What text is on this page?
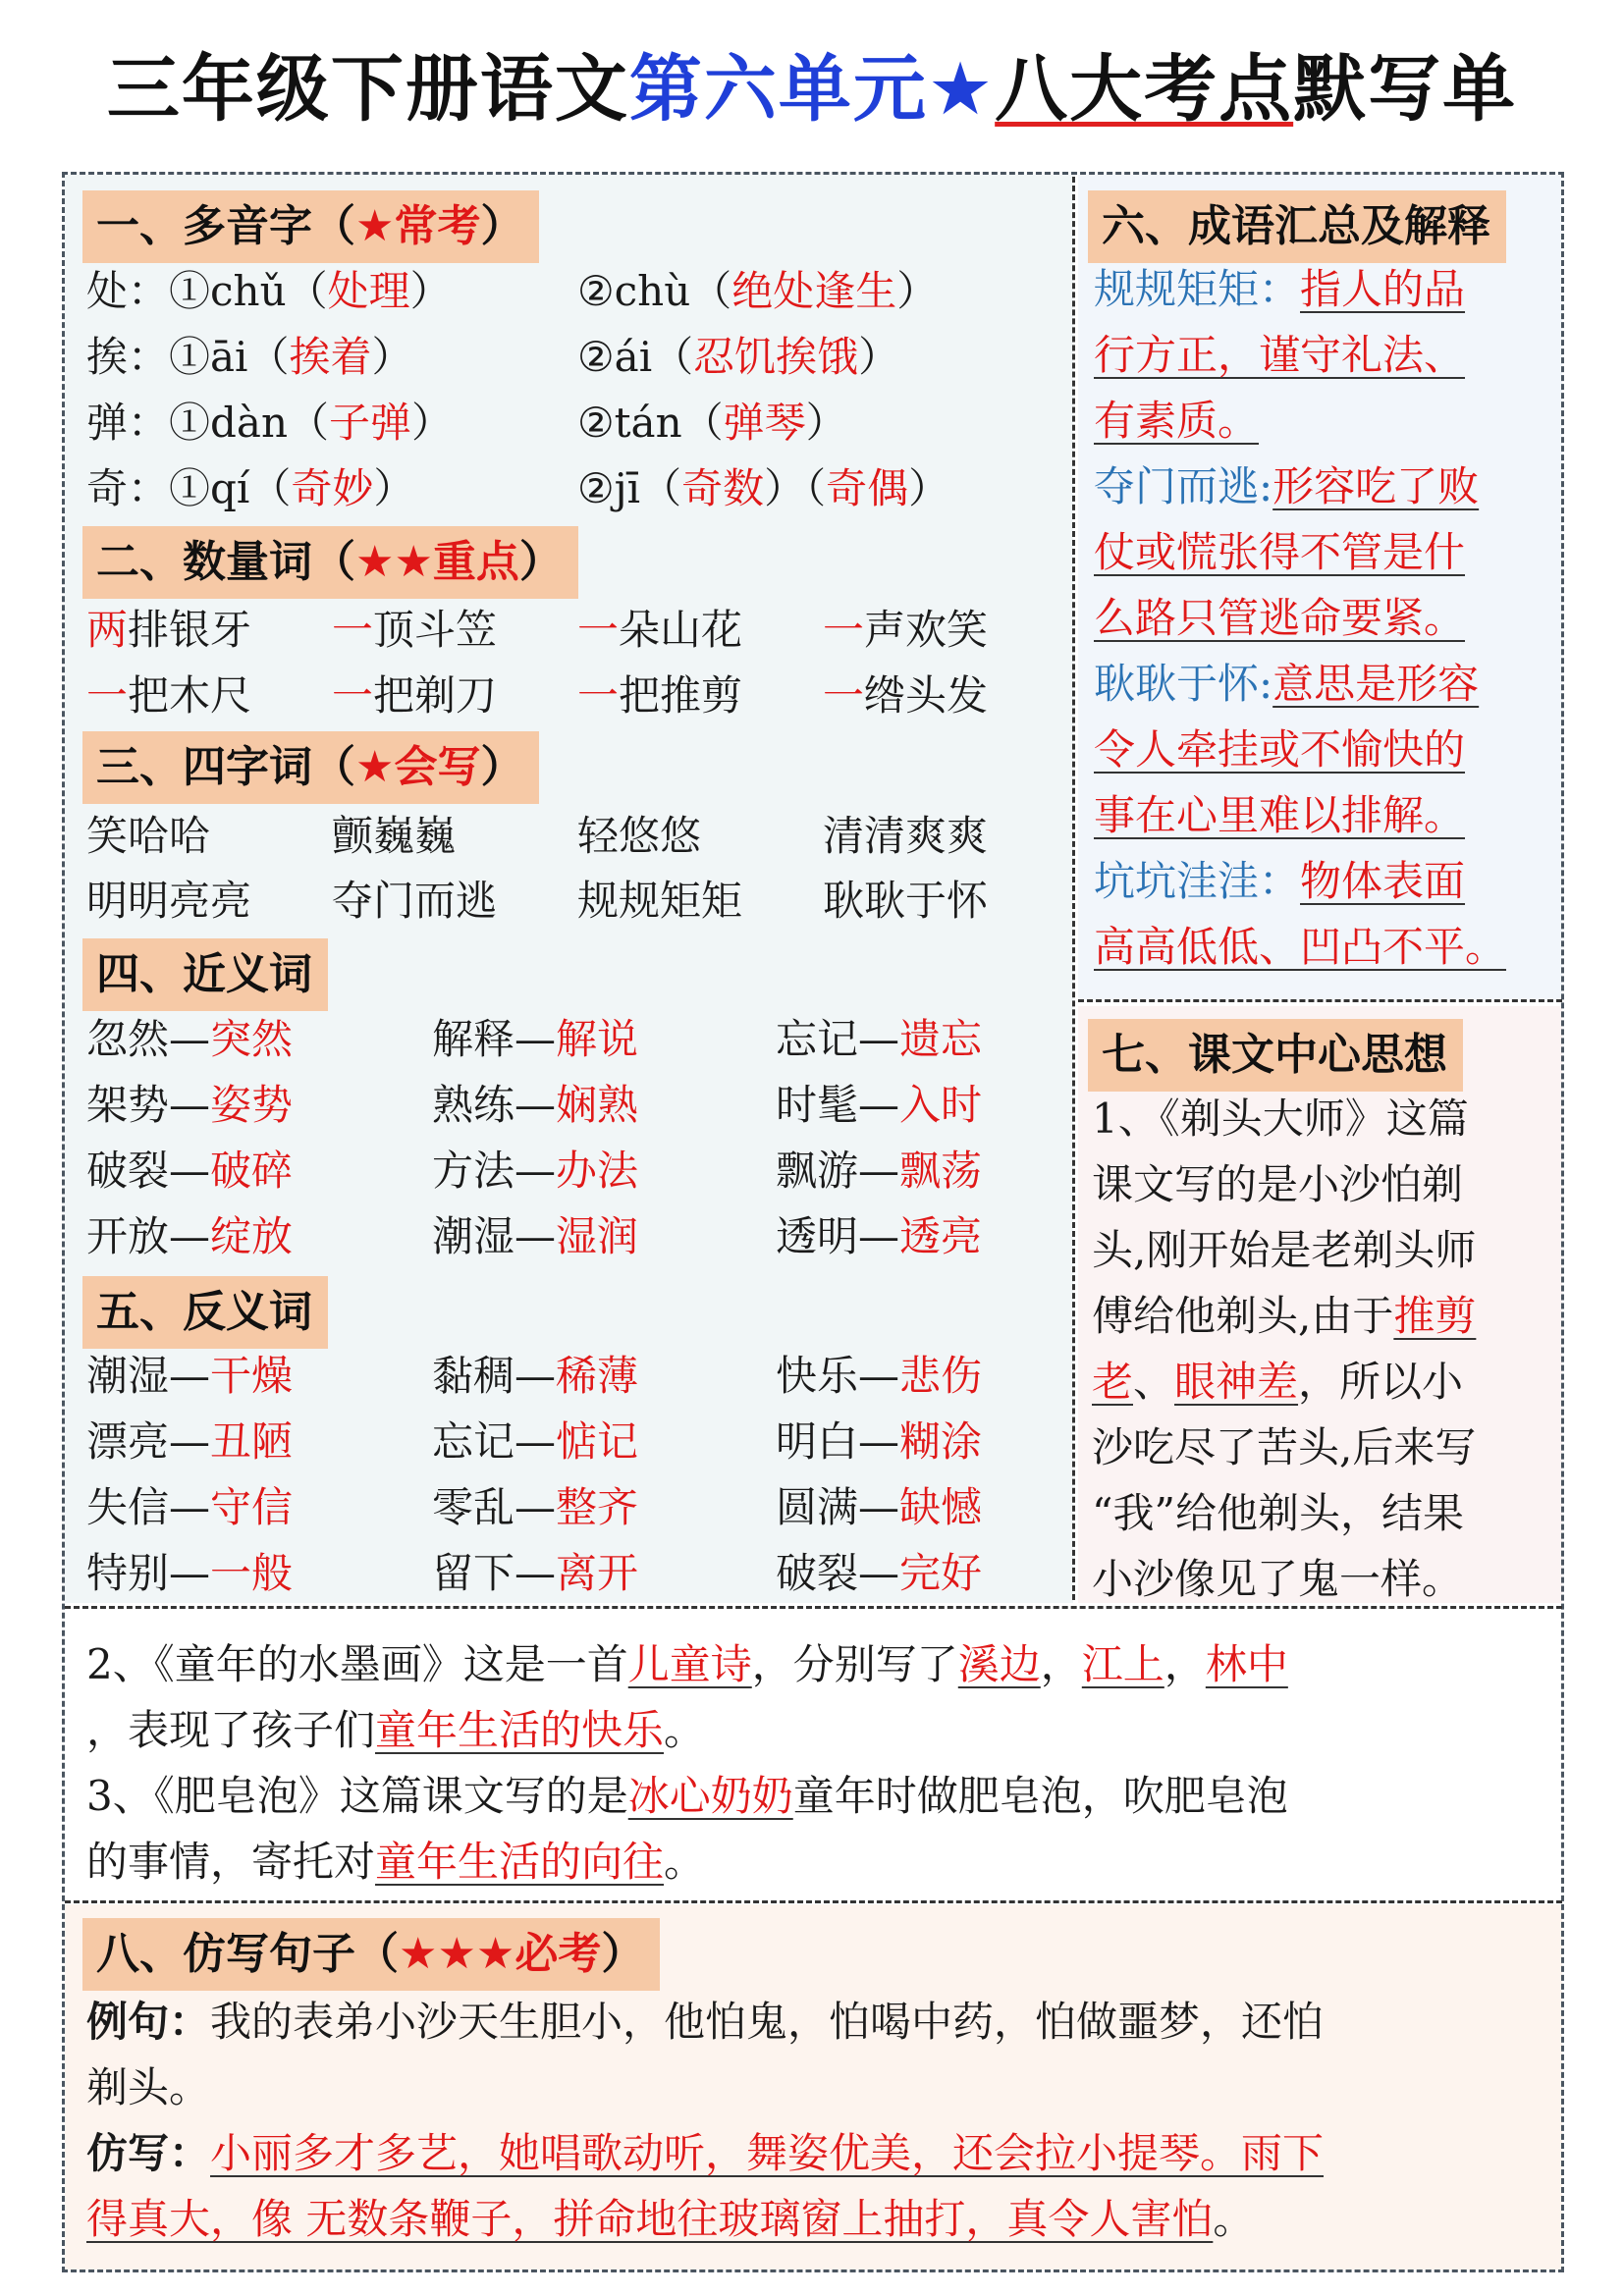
三年级下册语文第六单元★八大考点默写单
一、多音字（★常考）
处：①chǔ（处理）	②chù（绝处逢生）
挨：①āi（挨着）	②ái（忍饥挨饿）
弹：①dàn（子弹）	②tán（弹琴）
奇：①qí（奇妙）	②jī（奇数）（奇偶）
二、数量词（★★重点）
两排银牙 一顶斗笠 一朵山花 一声欢笑
一把木尺 一把剃刀 一把推剪 一绺头发
三、四字词（★会写）
笑哈哈	颤巍巍	轻悠悠	清清爽爽
明明亮亮 夺门而逃 规规矩矩 耿耿于怀
四、近义词
忽然—突然	解释—解说	忘记—遗忘
架势—姿势	熟练—娴熟	时髦—入时
破裂—破碎	方法—办法	飘游—飘荡
开放—绽放	潮湿—湿润	透明—透亮
五、反义词
潮湿—干燥	黏稠—稀薄	快乐—悲伤
漂亮—丑陋	忘记—惦记	明白—糊涂
失信—守信	零乱—整齐	圆满—缺憾
特别—一般	留下—离开	破裂—完好
六、成语汇总及解释
规规矩矩：指人的品
行方正，谨守礼法、
有素质。
夺门而逃:形容吃了败
仗或慌张得不管是什
么路只管逃命要紧。
耿耿于怀:意思是形容
令人牵挂或不愉快的
事在心里难以排解。
坑坑洼洼：物体表面
高高低低、凹凸不平。
七、课文中心思想
1、《剃头大师》这篇
课文写的是小沙怕剃
头,刚开始是老剃头师
傅给他剃头,由于推剪
老、眼神差，所以小
沙吃尽了苦头,后来写
“我”给他剃头，结果
小沙像见了鬼一样。
2、《童年的水墨画》这是一首儿童诗，分别写了溪边，江上，林中
，表现了孩子们童年生活的快乐。
3、《肥皂泡》这篇课文写的是冰心奶奶童年时做肥皂泡，吹肥皂泡
的事情，寄托对童年生活的向往。
八、仿写句子（★★★必考）
例句：我的表弟小沙天生胆小，他怕鬼，怕喝中药，怕做噩梦，还怕
剃头。
仿写：小丽多才多艺，她唱歌动听，舞姿优美，还会拉小提琴。雨下
得真大，像 无数条鞭子，拼命地往玻璃窗上抽打，真令人害怕。
